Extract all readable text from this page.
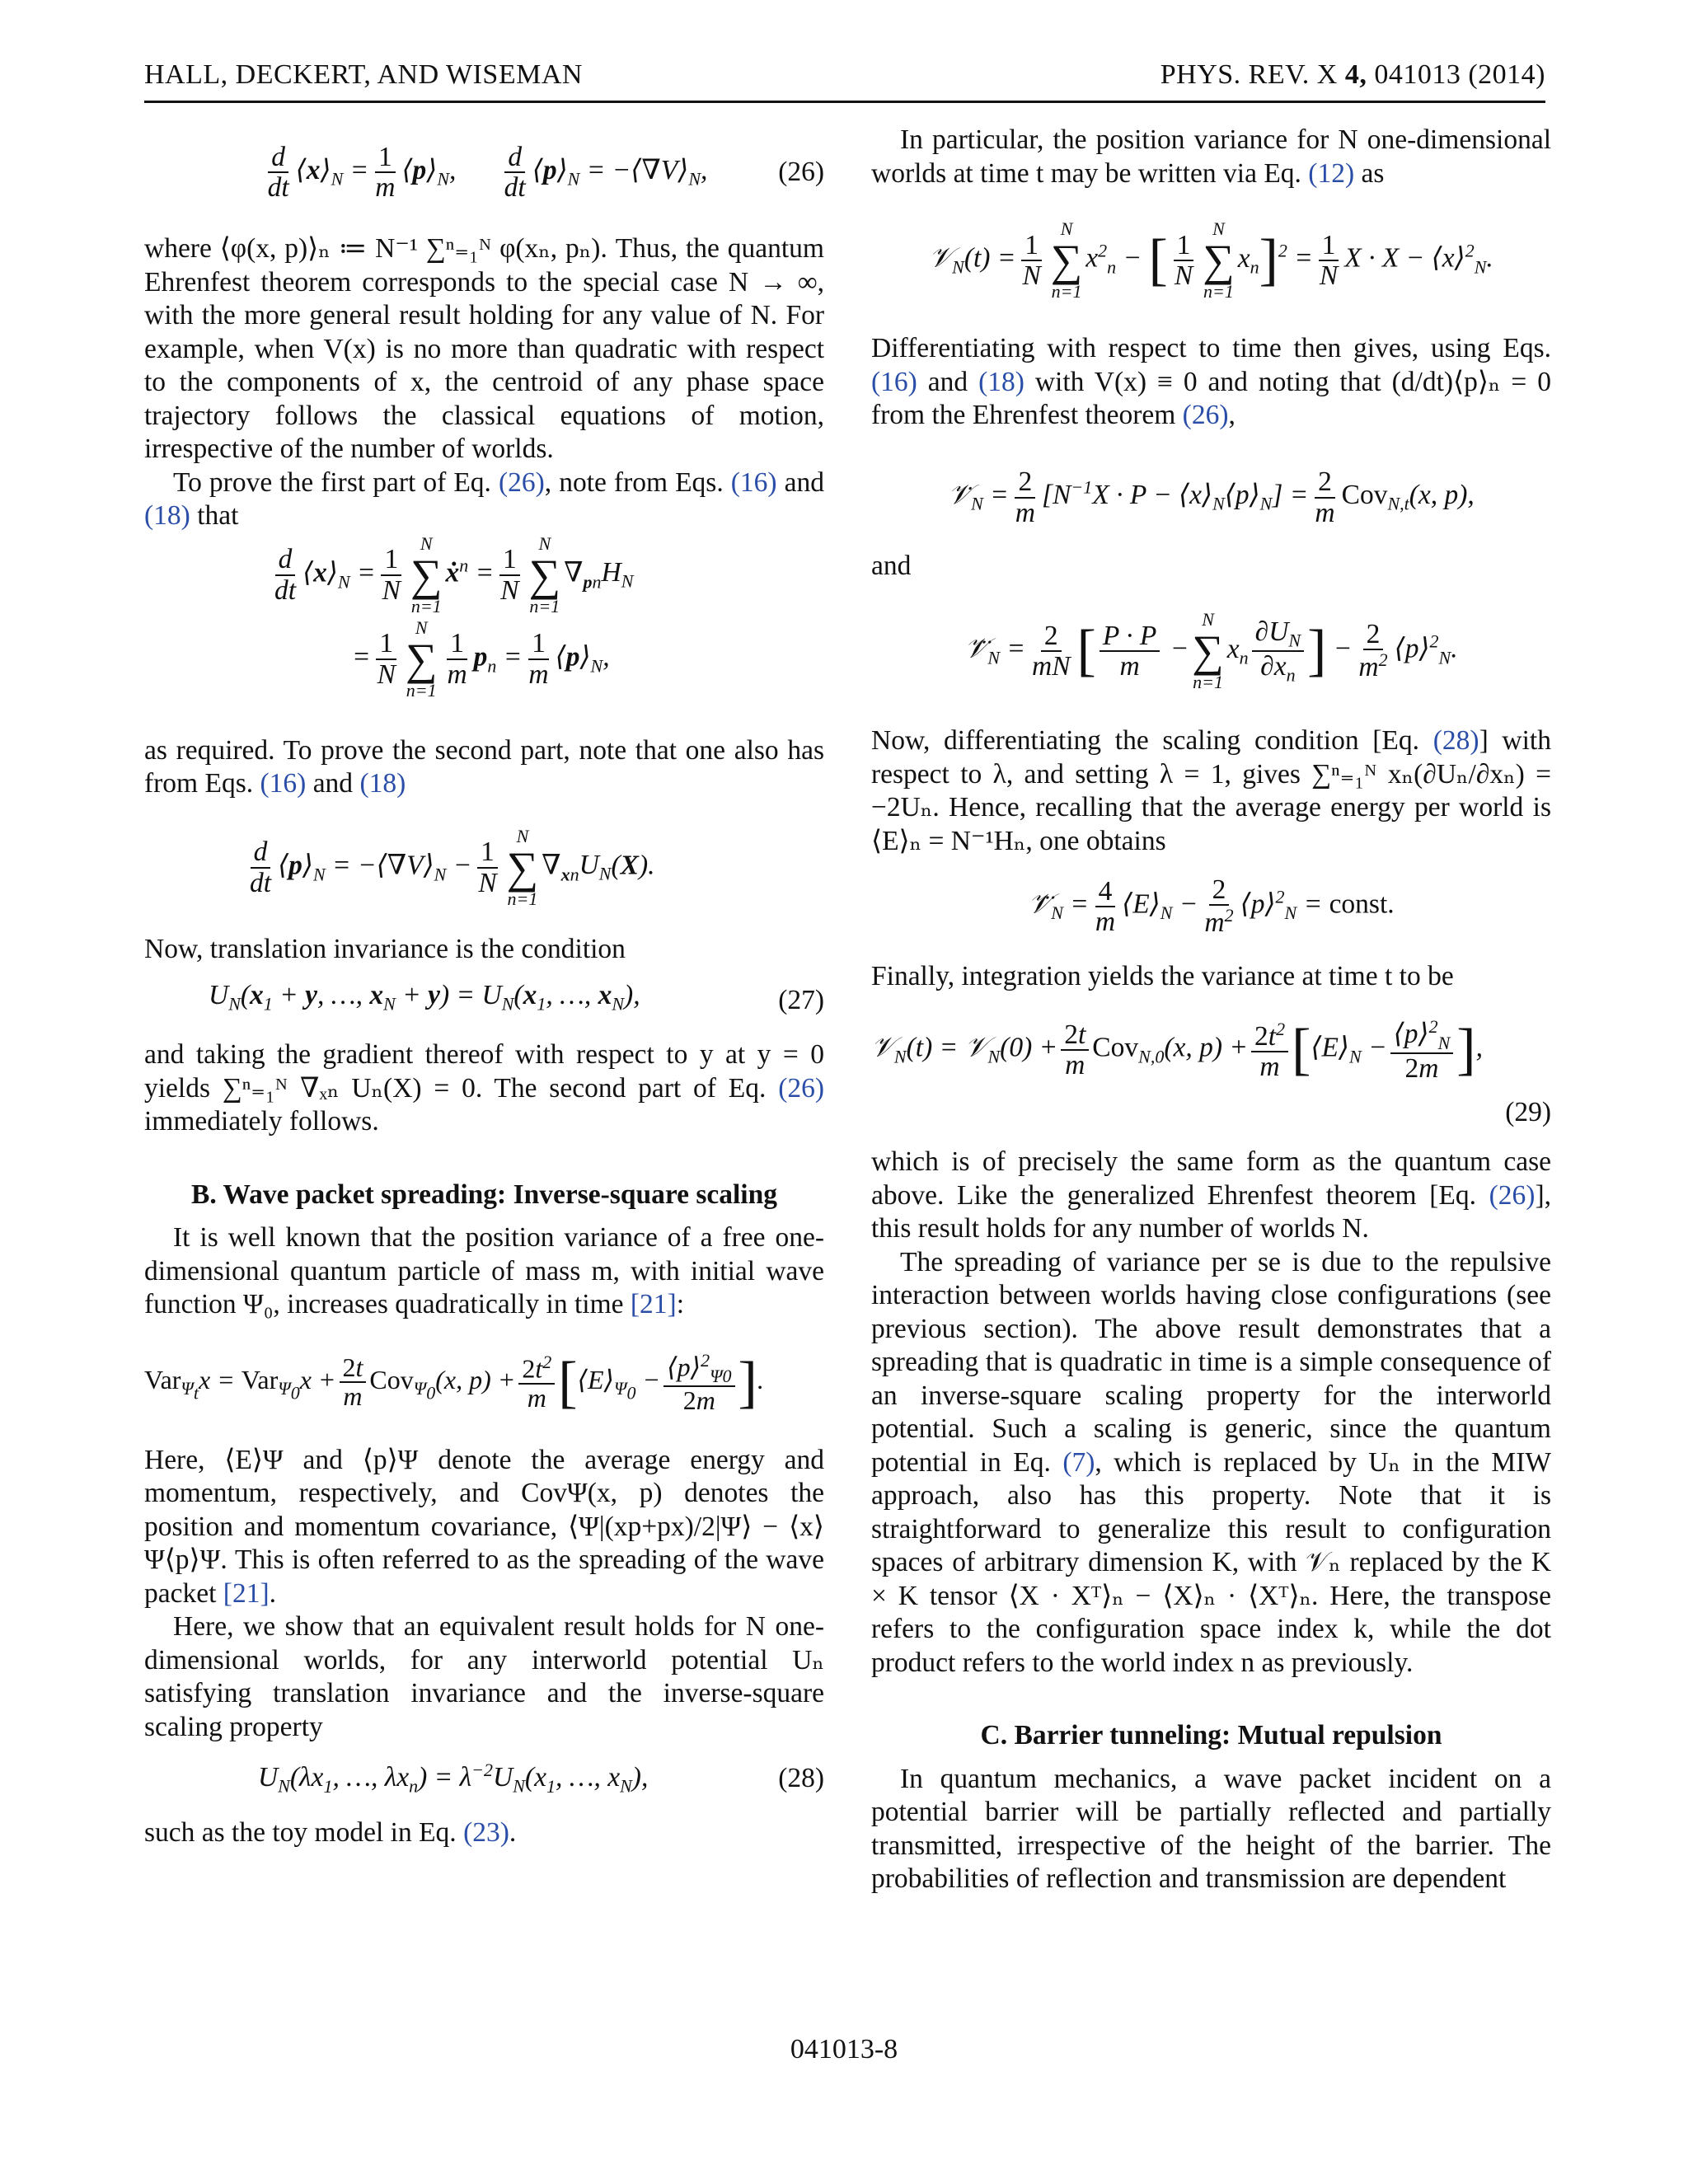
HALL, DECKERT, AND WISEMAN	PHYS. REV. X 4, 041013 (2014)
$\frac{d}{dt}$ $⟨x⟩_N = \frac{1}{m}$ $⟨p⟩_N$, $\frac{d}{dt}$ $⟨p⟩_N$ = $-⟨\nabla V⟩_N$,	(26)

where ⟨φ(x, p)⟩ₙ ≔ N⁻¹ ∑ⁿ₌₁ᴺ φ(xₙ, pₙ). Thus, the quantum Ehrenfest theorem corresponds to the special case N → ∞, with the more general result holding for any value of N. For example, when V(x) is no more than quadratic with respect to the components of x, the centroid of any phase space trajectory follows the classical equations of motion, irrespective of the number of worlds.

To prove the first part of Eq. (26), note from Eqs. (16) and (18) that

$\frac{d}{dt}$ $⟨x⟩_N = \frac{1}{N}$
N
∑
n=1
ẋ$^n$ = $\frac{1}{N}$
N
∑
n=1
$\nabla_{pn}H_N$
= $\frac{1}{N}$
N
∑
n=1
$\frac{1}{m} p_n = \frac{1}{m}$ $⟨p⟩_N$,

as required. To prove the second part, note that one also has from Eqs. (16) and (18)

$\frac{d}{dt}$ $⟨p⟩_N$ = $-⟨\nabla V⟩_N - \frac{1}{N}$
N
∑
n=1
$\nabla_{xn}U_N(X)$.

Now, translation invariance is the condition

$U_N(x_1 + y$, …, $x_N + y) = U_N(x_1$, …, $x_N$),	(27)

and taking the gradient thereof with respect to y at y = 0 yields ∑ⁿ₌₁ᴺ ∇ₓₙ Uₙ(X) = 0. The second part of Eq. (26) immediately follows.

B. Wave packet spreading: Inverse-square scaling

It is well known that the position variance of a free one-dimensional quantum particle of mass m, with initial wave function Ψ₀, increases quadratically in time [21]:

$Var_{\Psi_t}x = Var_{\Psi_0}x + \frac{2t}{m} Cov_{\Psi_0}(x$, $p) + \frac{2t^2}{m}$ [$⟨E⟩_{\Psi_0} - \frac{⟨p⟩^2_{\Psi 0}}{2m}$ ].

Here, ⟨E⟩Ψ and ⟨p⟩Ψ denote the average energy and momentum, respectively, and CovΨ(x, p) denotes the position and momentum covariance, ⟨Ψ|(xp+px)/2|Ψ⟩ − ⟨x⟩Ψ⟨p⟩Ψ. This is often referred to as the spreading of the wave packet [21].

Here, we show that an equivalent result holds for N one-dimensional worlds, for any interworld potential Uₙ satisfying translation invariance and the inverse-square scaling property

$U_N(\lambda x_1$, …, $\lambda x_n) = \lambda^{-2}U_N(x_1$, …, $x_N$),	(28)

such as the toy model in Eq. (23).

In particular, the position variance for N one-dimensional worlds at time t may be written via Eq. (12) as

𝒱$_N$(t) = $\frac{1}{N}$
N
∑
n=1
$x^2_n$ − [ $\frac{1}{N}$
N
∑
n=1
$x_n]^2 = \frac{1}{N}$ X · X − ⟨x⟩$^2_N$.

Differentiating with respect to time then gives, using Eqs. (16) and (18) with V(x) ≡ 0 and noting that (d/dt)⟨p⟩ₙ = 0 from the Ehrenfest theorem (26),

$𝒱̇_N = \frac{2}{m} [N^{-1}X \cdot P$ − $⟨x⟩_N⟨p⟩_N] = \frac{2}{m} Cov_{N,t}(x$, p),

and

$𝒱̈_N = \frac{2}{mN}$ [ $\frac{P \cdot P}{m}$ −
N
∑
n=1
$x_n \frac{\partial U_N}{\partial x_n}$ ] − $\frac{2}{m^2}$ ⟨p⟩$^2_N$.

Now, differentiating the scaling condition [Eq. (28)] with respect to λ, and setting λ = 1, gives ∑ⁿ₌₁ᴺ xₙ(∂Uₙ/∂xₙ) = −2Uₙ. Hence, recalling that the average energy per world is ⟨E⟩ₙ = N⁻¹Hₙ, one obtains

$𝒱̈_N = \frac{4}{m}$ $⟨E⟩_N - \frac{2}{m^2}$ ⟨p⟩$^2_N$ = const.

Finally, integration yields the variance at time t to be

𝒱$_N$(t) = 𝒱$_N$(0) + $\frac{2t}{m} Cov_{N,0}(x$, $p) + \frac{2t^2}{m}$ [$⟨E⟩_N - \frac{⟨p⟩^2_N}{2m}$ ],
(29)

which is of precisely the same form as the quantum case above. Like the generalized Ehrenfest theorem [Eq. (26)], this result holds for any number of worlds N.

The spreading of variance per se is due to the repulsive interaction between worlds having close configurations (see previous section). The above result demonstrates that a spreading that is quadratic in time is a simple consequence of an inverse-square scaling property for the interworld potential. Such a scaling is generic, since the quantum potential in Eq. (7), which is replaced by Uₙ in the MIW approach, also has this property. Note that it is straightforward to generalize this result to configuration spaces of arbitrary dimension K, with 𝒱ₙ replaced by the K × K tensor ⟨X · Xᵀ⟩ₙ − ⟨X⟩ₙ · ⟨Xᵀ⟩ₙ. Here, the transpose refers to the configuration space index k, while the dot product refers to the world index n as previously.

C. Barrier tunneling: Mutual repulsion

In quantum mechanics, a wave packet incident on a potential barrier will be partially reflected and partially transmitted, irrespective of the height of the barrier. The probabilities of reflection and transmission are dependent

041013-8
